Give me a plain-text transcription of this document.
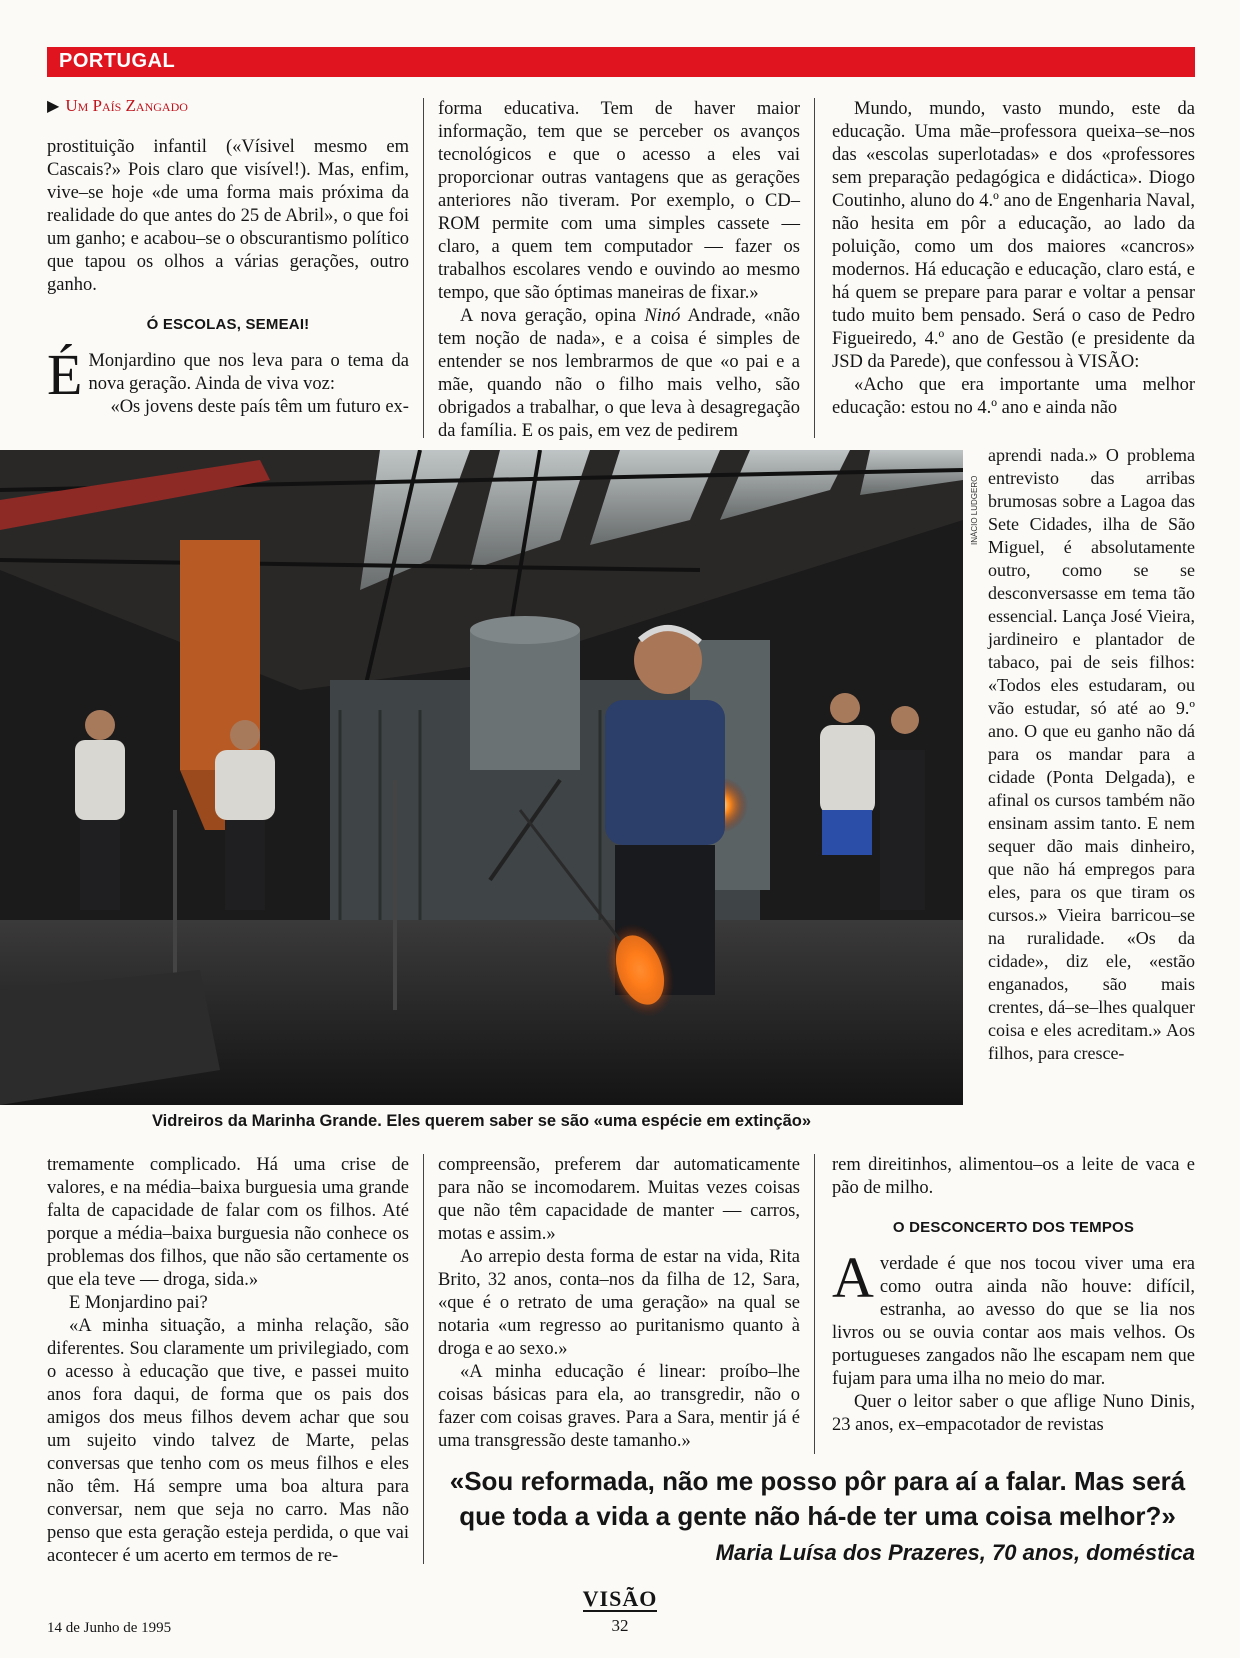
PORTUGAL
▶ Um País Zangado

prostituição infantil («Vísivel mesmo em Cascais?» Pois claro que visível!). Mas, enfim, vive–se hoje «de uma forma mais próxima da realidade do que antes do 25 de Abril», o que foi um ganho; e acabou–se o obscurantismo político que tapou os olhos a várias gerações, outro ganho.

Ó ESCOLAS, SEMEAI!

É Monjardino que nos leva para o tema da nova geração. Ainda de viva voz:

«Os jovens deste país têm um futuro ex-

forma educativa. Tem de haver maior informação, tem que se perceber os avanços tecnológicos e que o acesso a eles vai proporcionar outras vantagens que as gerações anteriores não tiveram. Por exemplo, o CD–ROM permite com uma simples cassete — claro, a quem tem computador — fazer os trabalhos escolares vendo e ouvindo ao mesmo tempo, que são óptimas maneiras de fixar.»

A nova geração, opina Ninó Andrade, «não tem noção de nada», e a coisa é simples de entender se nos lembrarmos de que «o pai e a mãe, quando não o filho mais velho, são obrigados a trabalhar, o que leva à desagregação da família. E os pais, em vez de pedirem

Mundo, mundo, vasto mundo, este da educação. Uma mãe–professora queixa–se–nos das «escolas superlotadas» e dos «professores sem preparação pedagógica e didáctica». Diogo Coutinho, aluno do 4.º ano de Engenharia Naval, não hesita em pôr a educação, ao lado da poluição, como um dos maiores «cancros» modernos. Há educação e educação, claro está, e há quem se prepare para parar e voltar a pensar tudo muito bem pensado. Será o caso de Pedro Figueiredo, 4.º ano de Gestão (e presidente da JSD da Parede), que confessou à VISÃO:

«Acho que era importante uma melhor educação: estou no 4.º ano e ainda não

aprendi nada.» O problema entrevisto das arribas brumosas sobre a Lagoa das Sete Cidades, ilha de São Miguel, é absolutamente outro, como se se desconversasse em tema tão essencial. Lança José Vieira, jardineiro e plantador de tabaco, pai de seis filhos: «Todos eles estudaram, ou vão estudar, só até ao 9.º ano. O que eu ganho não dá para os mandar para a cidade (Ponta Delgada), e afinal os cursos também não ensinam assim tanto. E nem sequer dão mais dinheiro, que não há empregos para eles, para os que tiram os cursos.» Vieira barricou–se na ruralidade. «Os da cidade», diz ele, «estão enganados, são mais crentes, dá–se–lhes qualquer coisa e eles acreditam.» Aos filhos, para cresce-

INÁCIO LUDGERO
Vidreiros da Marinha Grande. Eles querem saber se são «uma espécie em extinção»

tremamente complicado. Há uma crise de valores, e na média–baixa burguesia uma grande falta de capacidade de falar com os filhos. Até porque a média–baixa burguesia não conhece os problemas dos filhos, que não são certamente os que ela teve — droga, sida.»

E Monjardino pai?

«A minha situação, a minha relação, são diferentes. Sou claramente um privilegiado, com o acesso à educação que tive, e passei muito anos fora daqui, de forma que os pais dos amigos dos meus filhos devem achar que sou um sujeito vindo talvez de Marte, pelas conversas que tenho com os meus filhos e eles não têm. Há sempre uma boa altura para conversar, nem que seja no carro. Mas não penso que esta geração esteja perdida, o que vai acontecer é um acerto em termos de re-

compreensão, preferem dar automaticamente para não se incomodarem. Muitas vezes coisas que não têm capacidade de manter — carros, motas e assim.»

Ao arrepio desta forma de estar na vida, Rita Brito, 32 anos, conta–nos da filha de 12, Sara, «que é o retrato de uma geração» na qual se notaria «um regresso ao puritanismo quanto à droga e ao sexo.»

«A minha educação é linear: proíbo–lhe coisas básicas para ela, ao transgredir, não o fazer com coisas graves. Para a Sara, mentir já é uma transgressão deste tamanho.»

rem direitinhos, alimentou–os a leite de vaca e pão de milho.

O DESCONCERTO DOS TEMPOS

Averdade é que nos tocou viver uma era como outra ainda não houve: difícil, estranha, ao avesso do que se lia nos livros ou se ouvia contar aos mais velhos. Os portugueses zangados não lhe escapam nem que fujam para uma ilha no meio do mar.

Quer o leitor saber o que aflige Nuno Dinis, 23 anos, ex–empacotador de revistas

«Sou reformada, não me posso pôr para aí a falar. Mas será que toda a vida a gente não há-de ter uma coisa melhor?»
Maria Luísa dos Prazeres, 70 anos, doméstica
14 de Junho de 1995
VISÃO
32
